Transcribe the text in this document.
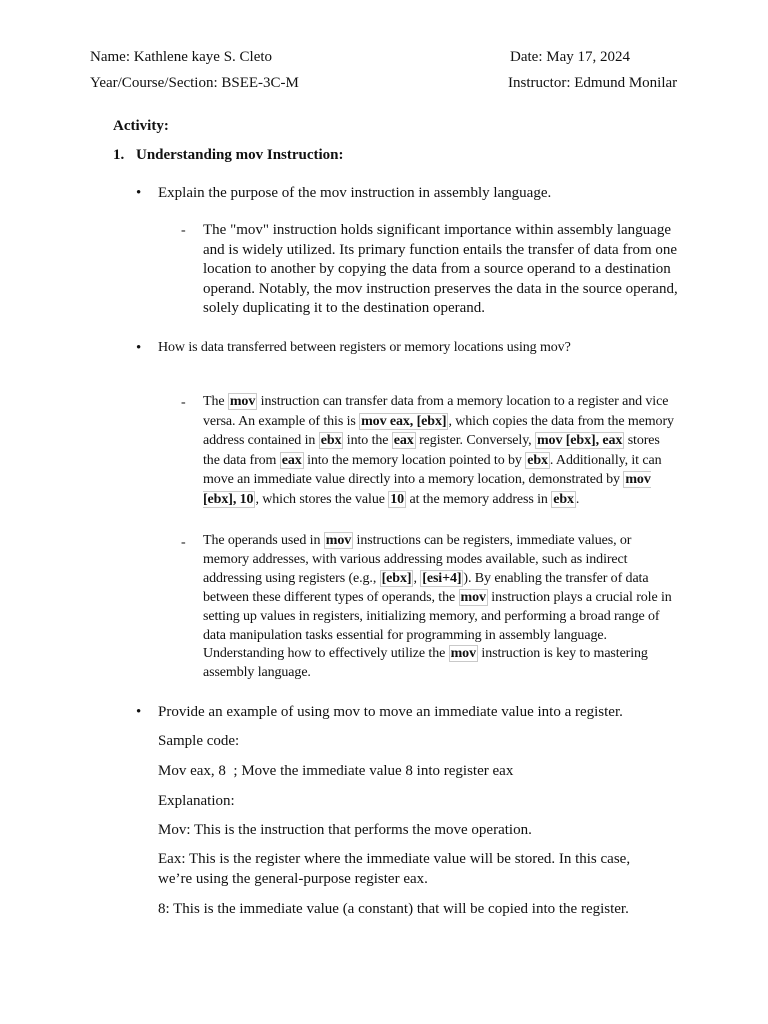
Name: Kathlene kaye S. Cleto	Date: May 17, 2024
Year/Course/Section: BSEE-3C-M	Instructor: Edmund Monilar
Activity:
1. Understanding mov Instruction:
• Explain the purpose of the mov instruction in assembly language.
- The "mov" instruction holds significant importance within assembly language and is widely utilized. Its primary function entails the transfer of data from one location to another by copying the data from a source operand to a destination operand. Notably, the mov instruction preserves the data in the source operand, solely duplicating it to the destination operand.
• How is data transferred between registers or memory locations using mov?
- The mov instruction can transfer data from a memory location to a register and vice versa. An example of this is mov eax, [ebx] , which copies the data from the memory address contained in ebx into the eax register. Conversely, mov [ebx], eax stores the data from eax into the memory location pointed to by ebx . Additionally, it can move an immediate value directly into a memory location, demonstrated by mov [ebx], 10 , which stores the value 10 at the memory address in ebx .
- The operands used in mov instructions can be registers, immediate values, or memory addresses, with various addressing modes available, such as indirect addressing using registers (e.g., [ebx] , [esi+4] ). By enabling the transfer of data between these different types of operands, the mov instruction plays a crucial role in setting up values in registers, initializing memory, and performing a broad range of data manipulation tasks essential for programming in assembly language. Understanding how to effectively utilize the mov instruction is key to mastering assembly language.
• Provide an example of using mov to move an immediate value into a register.
Sample code:
Mov eax, 8  ; Move the immediate value 8 into register eax
Explanation:
Mov: This is the instruction that performs the move operation.
Eax: This is the register where the immediate value will be stored. In this case, we’re using the general-purpose register eax.
8: This is the immediate value (a constant) that will be copied into the register.
